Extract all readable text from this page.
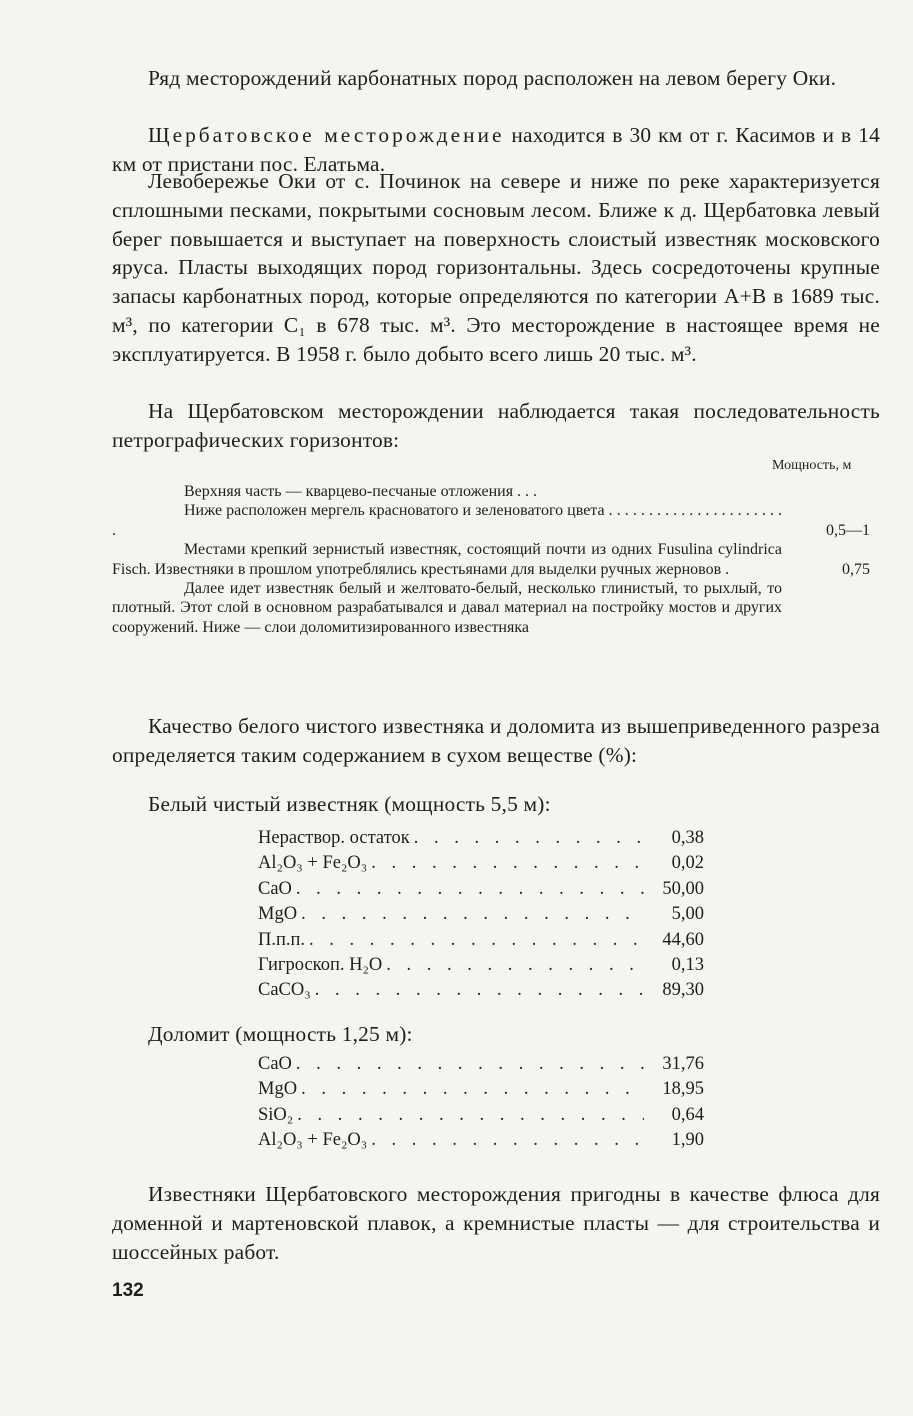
Ряд месторождений карбонатных пород расположен на левом берегу Оки.

Щербатовское месторождение находится в 30 км от г. Касимов и в 14 км от пристани пос. Елатьма.

Левобережье Оки от с. Починок на севере и ниже по реке характеризуется сплошными песками, покрытыми сосновым лесом. Ближе к д. Щербатовка левый берег повышается и выступает на поверхность слоистый известняк московского яруса. Пласты выходящих пород горизонтальны. Здесь сосредоточены крупные запасы карбонатных пород, которые определяются по категории А+В в 1689 тыс. м³, по категории C₁ в 678 тыс. м³. Это месторождение в настоящее время не эксплуатируется. В 1958 г. было добыто всего лишь 20 тыс. м³.

На Щербатовском месторождении наблюдается такая последовательность петрографических горизонтов:

Мощность, м
Верхняя часть — кварцево-песчаные отложения . . .
Ниже расположен мергель красноватого и зеленоватого цвета . . . . . . . . . . . . . . . . . . . . . . .	0,5—1
Местами крепкий зернистый известняк, состоящий почти из одних Fusulina cylindrica Fisch. Известняки в прошлом употреблялись крестьянами для выделки ручных жерновов .	0,75
Далее идет известняк белый и желтовато-белый, несколько глинистый, то рыхлый, то плотный. Этот слой в основном разрабатывался и давал материал на постройку мостов и других сооружений. Ниже — слои доломитизированного известняка

Качество белого чистого известняка и доломита из вышеприведенного разреза определяется таким содержанием в сухом веществе (%):

Белый чистый известняк (мощность 5,5 м):

Нераствор. остаток . . .	0,38
Al₂O₃ + Fe₂O₃ . . .	0,02
CaO . . .	50,00
MgO . . .	5,00
П.п.п. . . .	44,60
Гигроскоп. H₂O . . .	0,13
CaCO₃ . . .	89,30

Доломит (мощность 1,25 м):

CaO . . .	31,76
MgO . . .	18,95
SiO₂ . . .	0,64
Al₂O₃ + Fe₂O₃ . . .	1,90

Известняки Щербатовского месторождения пригодны в качестве флюса для доменной и мартеновской плавок, а кремнистые пласты — для строительства и шоссейных работ.

132
